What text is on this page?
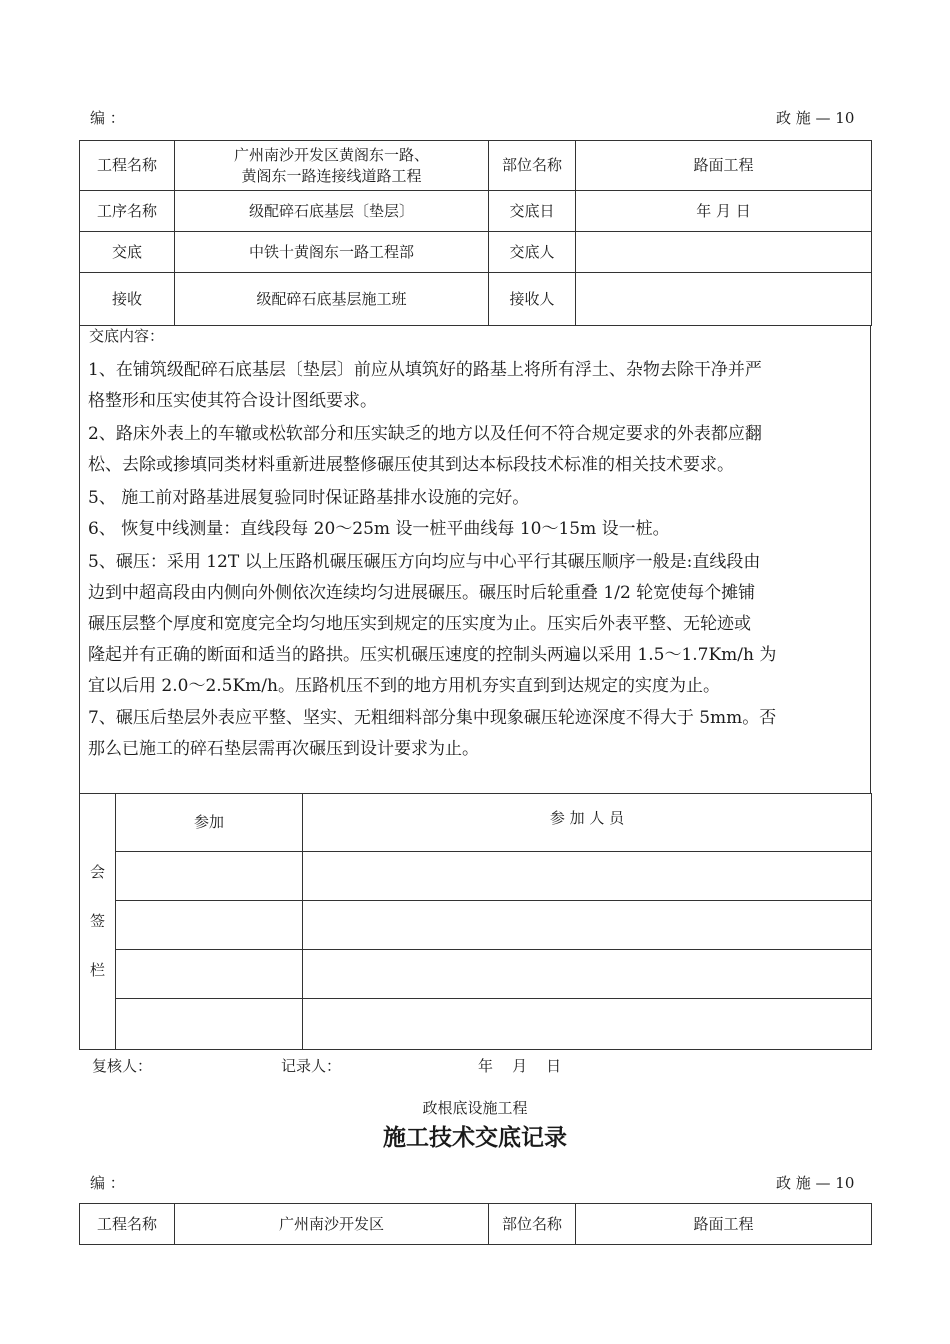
编 ：	政 施 — 10
工程名称	广州南沙开发区黄阁东一路、
黄阁东一路连接线道路工程	部位名称	路面工程
工序名称	级配碎石底基层〔垫层〕	交底日	年 月 日
交底	中铁十黄阁东一路工程部	交底人	
接收	级配碎石底基层施工班	接收人	
交底内容：

1、在铺筑级配碎石底基层〔垫层〕前应从填筑好的路基上将所有浮土、杂物去除干净并严
格整形和压实使其符合设计图纸要求。

2、路床外表上的车辙或松软部分和压实缺乏的地方以及任何不符合规定要求的外表都应翻
松、去除或掺填同类材料重新进展整修碾压使其到达本标段技术标准的相关技术要求。

5、 施工前对路基进展复验同时保证路基排水设施的完好。

6、 恢复中线测量：直线段每 20～25m 设一桩平曲线每 10～15m 设一桩。

5、碾压：采用 12T 以上压路机碾压碾压方向均应与中心平行其碾压顺序一般是:直线段由
边到中超高段由内侧向外侧依次连续均匀进展碾压。碾压时后轮重叠 1/2 轮宽使每个摊铺
碾压层整个厚度和宽度完全均匀地压实到规定的压实度为止。压实后外表平整、无轮迹或
隆起并有正确的断面和适当的路拱。压实机碾压速度的控制头两遍以采用 1.5～1.7Km/h 为
宜以后用 2.0～2.5Km/h。压路机压不到的地方用机夯实直到到达规定的实度为止。

7、碾压后垫层外表应平整、坚实、无粗细料部分集中现象碾压轮迹深度不得大于 5mm。否
那么已施工的碎石垫层需再次碾压到设计要求为止。

会
签
栏	参加	参 加 人 员

复核人：	记录人：	年    月    日
政根底设施工程
施工技术交底记录
编 ：	政 施 — 10
工程名称	广州南沙开发区	部位名称	路面工程
